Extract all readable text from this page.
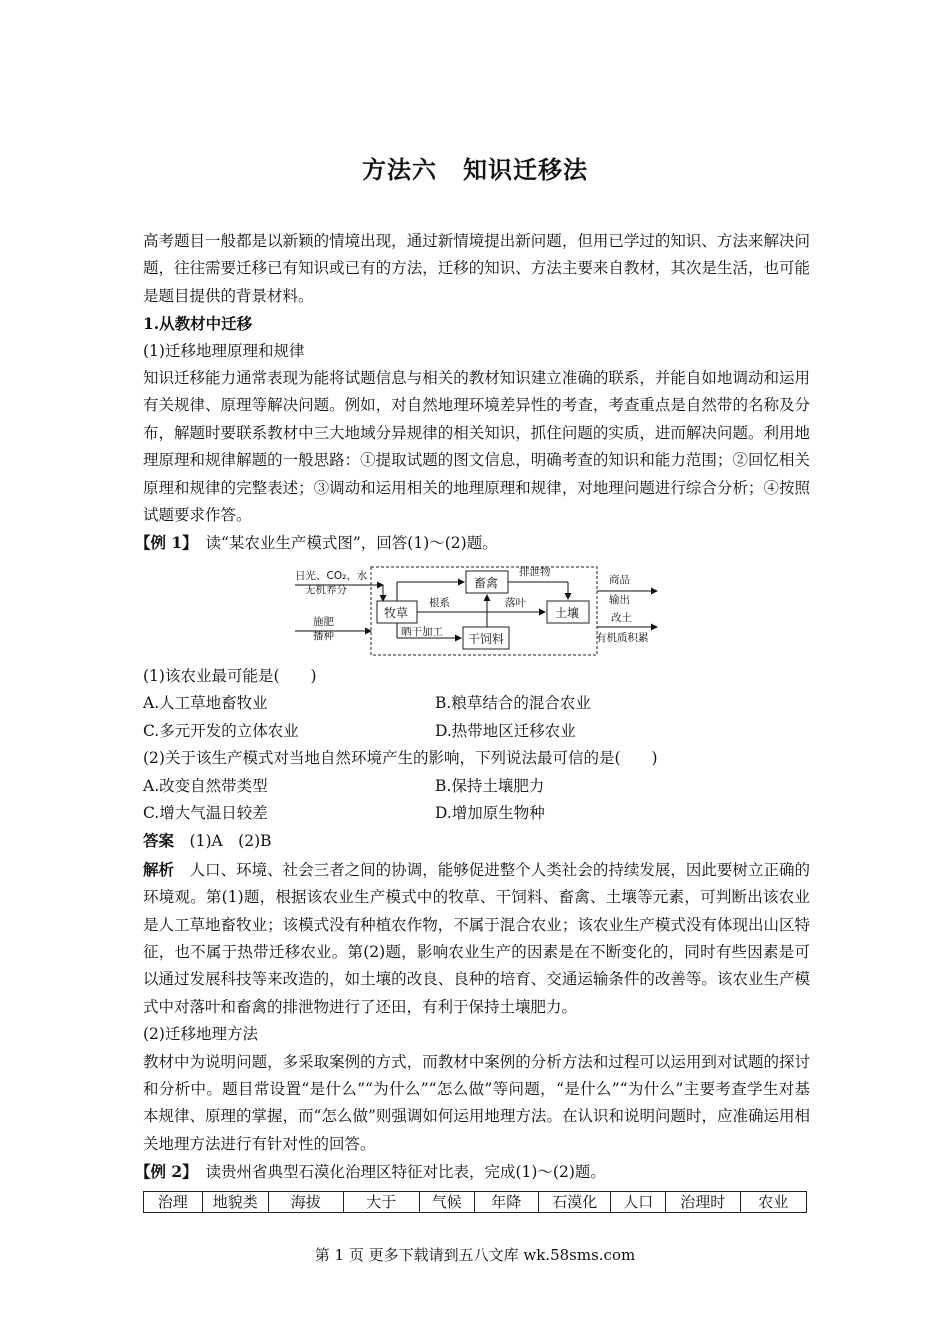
方法六 知识迁移法

高考题目一般都是以新颖的情境出现，通过新情境提出新问题，但用已学过的知识、方法来解决问题，往往需要迁移已有知识或已有的方法，迁移的知识、方法主要来自教材，其次是生活，也可能是题目提供的背景材料。

1.从教材中迁移

(1)迁移地理原理和规律

知识迁移能力通常表现为能将试题信息与相关的教材知识建立准确的联系，并能自如地调动和运用有关规律、原理等解决问题。例如，对自然地理环境差异性的考查，考查重点是自然带的名称及分布，解题时要联系教材中三大地域分异规律的相关知识，抓住问题的实质，进而解决问题。利用地理原理和规律解题的一般思路：①提取试题的图文信息，明确考查的知识和能力范围；②回忆相关原理和规律的完整表述；③调动和运用相关的地理原理和规律，对地理问题进行综合分析；④按照试题要求作答。

【例 1】　 读“某农业生产模式图”，回答(1)～(2)题。

日光、CO₂、水
无机养分
施肥
播种
牧草
畜禽
土壤
干饲料
排泄物
根系	落叶
晒干加工
商品
输出
改土
有机质积累

(1)该农业最可能是(　　)

A.人工草地畜牧业	B.粮草结合的混合农业
C.多元开发的立体农业	D.热带地区迁移农业

(2)关于该生产模式对当地自然环境产生的影响，下列说法最可信的是(　　)

A.改变自然带类型	B.保持土壤肥力
C.增大气温日较差	D.增加原生物种

答案　 (1)A　(2)B

解析　 人口、环境、社会三者之间的协调，能够促进整个人类社会的持续发展，因此要树立正确的环境观。第(1)题，根据该农业生产模式中的牧草、干饲料、畜禽、土壤等元素，可判断出该农业是人工草地畜牧业；该模式没有种植农作物，不属于混合农业；该农业生产模式没有体现出山区特征，也不属于热带迁移农业。第(2)题，影响农业生产的因素是在不断变化的，同时有些因素是可以通过发展科技等来改造的，如土壤的改良、良种的培育、交通运输条件的改善等。该农业生产模式中对落叶和畜禽的排泄物进行了还田，有利于保持土壤肥力。

(2)迁移地理方法

教材中为说明问题，多采取案例的方式，而教材中案例的分析方法和过程可以运用到对试题的探讨和分析中。题目常设置“是什么”“为什么”“怎么做”等问题，“是什么”“为什么”主要考查学生对基本规律、原理的掌握，而“怎么做”则强调如何运用地理方法。在认识和说明问题时，应准确运用相关地理方法进行有针对性的回答。

【例 2】　 读贵州省典型石漠化治理区特征对比表，完成(1)～(2)题。

治理	地貌类	海拔	大于	气候	年降	石漠化	人口	治理时	农业
第 1 页 更多下载请到五八文库 wk.58sms.com
